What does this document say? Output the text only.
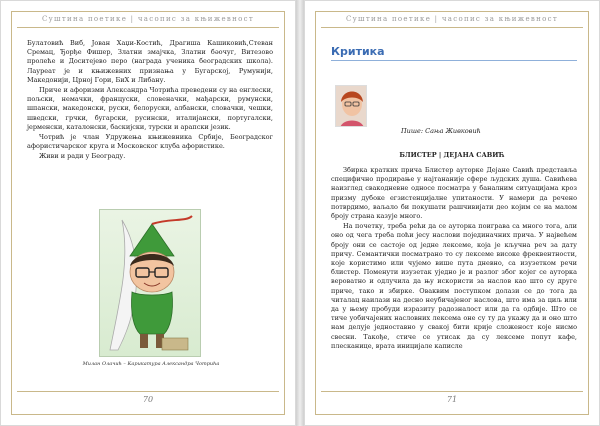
Суштина поетике | часопис за књижевност

Булатовић Виб, Јован Хаџи-Костић, Драгиша Кашиковић,Стеван Сремац, Ђорђе Фишер, Златни змајчка, Златни бәочуг, Витезово пролеће и Доситејево перо (награда ученика београдских школа). Лауреат је и књижевних признања у Бугарској, Румунији, Македонији, Црној Гори, БиХ и Либану.

Приче и афоризми Александра Чотрића преведени су на енглески, пољски, немачки, француски, словеначки, мађарски, румунски, шпански, македонски, руски, белоруски, албански, словачки, чешки, шведски, грчки, бугарски, русински, италијански, португалски, јерменски, каталонски, баскијски, турски и арапски језик.

Чотрић је члан Удружења књижевника Србије, Београдског афористичарског круга и Московског клуба афористике.

Живи и ради у Београду.

Милан Олачић – Карикатура Александра Чотрића
70
Суштина поетике | часопис за књижевност
Критика
Пише: Сања Живковић
БЛИСТЕР | ДЕЈАНА САВИЋ

Збирка кратких прича Блистер ауторке Дејане Савић представља специфично продирање у најтананије сфере људских душа. Савићева наизглед свакодневне односе посматра у баналним ситуацијама кроз призму дубоке егзистенцијалне упитаности. У намери да речено потврдимо, ваљало би покушати рашчивијати део којим се на малом броју страна казује много.

На почетку, треба рећи да се ауторка поиграва са много тога, али оно од чега треба поћи јесу наслови појединачних прича. У највећем броју они се састоје од једне лексеме, која је кључна реч за дату причу. Семантички посматрано то су лексеме високе фреквентности, које користимо или чујемо више пута дневно, са изузетком речи блистер. Поменути изузетак уједно је и разлог због којег се ауторка вероватно и одлучила да њу искористи за наслов као што су друге приче, тако и збирке. Оваквим поступком долази се до тога да читалац наилази на десно неубичајеног наслова, што има за циљ или да у њему пробуди изразиту радозналост или да га одбије. Што се тиче уобичајених насловних лексема оне су ту да укажу да и оно што нам делује једноставно у свакој бити крије сложеност које нисмо свесни. Такође, стиче се утисак да су лексеме попут кафе, плесканице, врата иницијале каписле

71
